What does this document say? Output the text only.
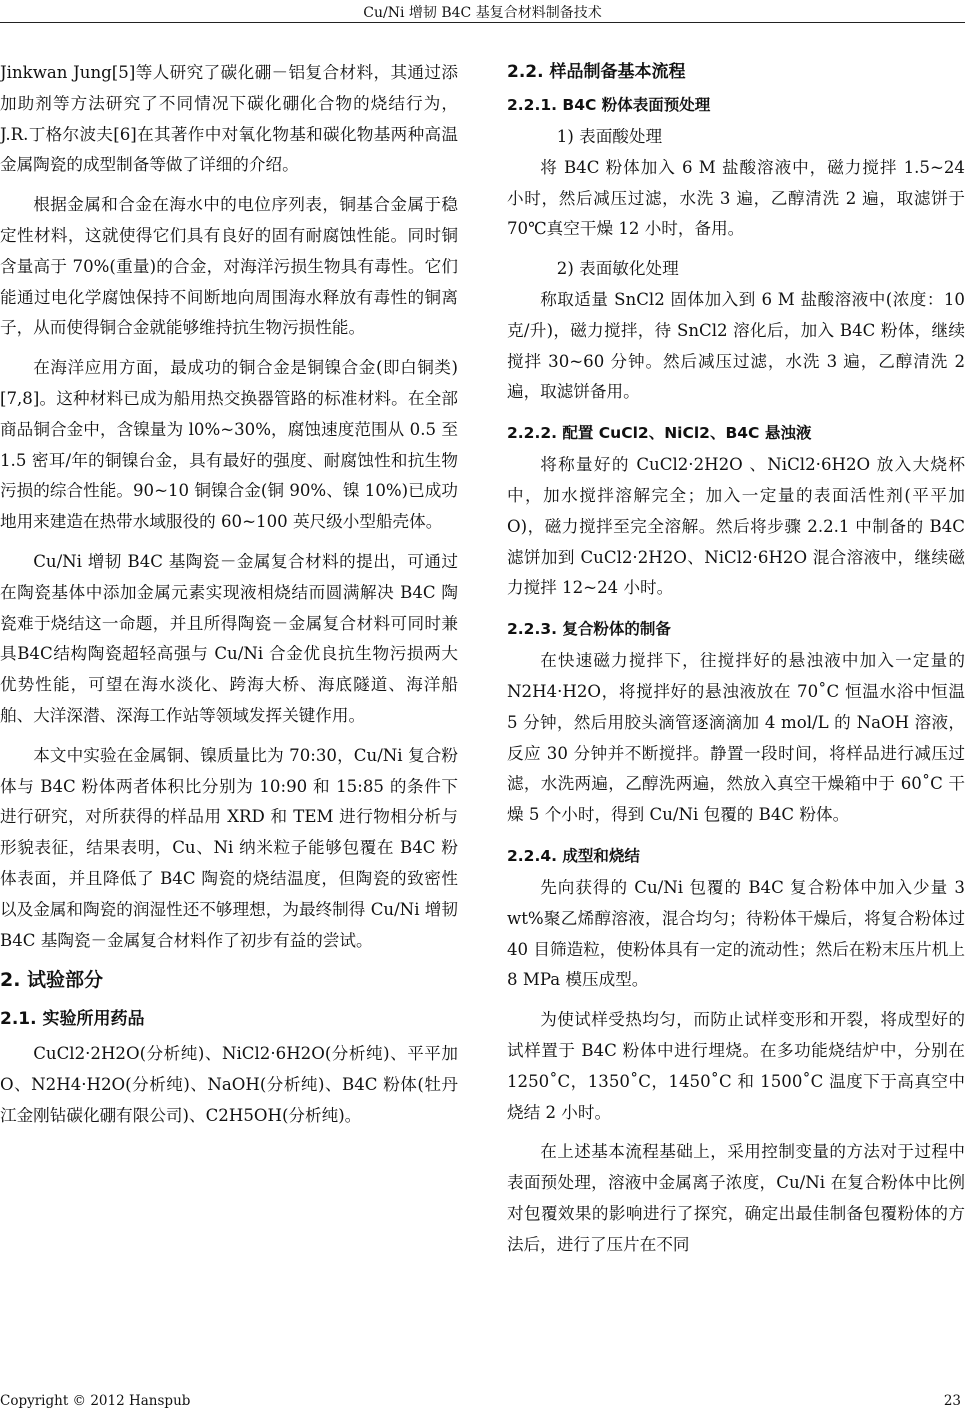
Cu/Ni 增韧 B4C 基复合材料制备技术

Jinkwan Jung[5]等人研究了碳化硼－铝复合材料，其通过添加助剂等方法研究了不同情况下碳化硼化合物的烧结行为，J.R.丁格尔波夫[6]在其著作中对氧化物基和碳化物基两种高温金属陶瓷的成型制备等做了详细的介绍。

根据金属和合金在海水中的电位序列表，铜基合金属于稳定性材料，这就使得它们具有良好的固有耐腐蚀性能。同时铜含量高于 70%(重量)的合金，对海洋污损生物具有毒性。它们能通过电化学腐蚀保持不间断地向周围海水释放有毒性的铜离子，从而使得铜合金就能够维持抗生物污损性能。

在海洋应用方面，最成功的铜合金是铜镍合金(即白铜类)[7,8]。这种材料已成为船用热交换器管路的标准材料。在全部商品铜合金中，含镍量为 l0%~30%，腐蚀速度范围从 0.5 至 1.5 密耳/年的铜镍台金，具有最好的强度、耐腐蚀性和抗生物污损的综合性能。90~10 铜镍合金(铜 90%、镍 10%)已成功地用来建造在热带水域服役的 60~100 英尺级小型船壳体。

Cu/Ni 增韧 B4C 基陶瓷－金属复合材料的提出，可通过在陶瓷基体中添加金属元素实现液相烧结而圆满解决 B4C 陶瓷难于烧结这一命题，并且所得陶瓷－金属复合材料可同时兼具B4C结构陶瓷超轻高强与 Cu/Ni 合金优良抗生物污损两大优势性能，可望在海水淡化、跨海大桥、海底隧道、海洋船舶、大洋深潜、深海工作站等领域发挥关键作用。

本文中实验在金属铜、镍质量比为 70:30，Cu/Ni 复合粉体与 B4C 粉体两者体积比分别为 10:90 和 15:85 的条件下进行研究，对所获得的样品用 XRD 和 TEM 进行物相分析与形貌表征，结果表明，Cu、Ni 纳米粒子能够包覆在 B4C 粉体表面，并且降低了 B4C 陶瓷的烧结温度，但陶瓷的致密性以及金属和陶瓷的润湿性还不够理想，为最终制得 Cu/Ni 增韧 B4C 基陶瓷－金属复合材料作了初步有益的尝试。

2. 试验部分
2.1. 实验所用药品

CuCl2·2H2O(分析纯)、NiCl2·6H2O(分析纯)、平平加 O、N2H4·H2O(分析纯)、NaOH(分析纯)、B4C 粉体(牡丹江金刚钻碳化硼有限公司)、C2H5OH(分析纯)。

2.2. 样品制备基本流程
2.2.1. B4C 粉体表面预处理

1) 表面酸处理

将 B4C 粉体加入 6 M 盐酸溶液中，磁力搅拌 1.5~24 小时，然后减压过滤，水洗 3 遍，乙醇清洗 2 遍，取滤饼于 70℃真空干燥 12 小时，备用。

2) 表面敏化处理

称取适量 SnCl2 固体加入到 6 M 盐酸溶液中(浓度：10 克/升)，磁力搅拌，待 SnCl2 溶化后，加入 B4C 粉体，继续搅拌 30~60 分钟。然后减压过滤，水洗 3 遍，乙醇清洗 2 遍，取滤饼备用。

2.2.2. 配置 CuCl2、NiCl2、B4C 悬浊液

将称量好的 CuCl2·2H2O 、NiCl2·6H2O 放入大烧杯中，加水搅拌溶解完全；加入一定量的表面活性剂(平平加 O)，磁力搅拌至完全溶解。然后将步骤 2.2.1 中制备的 B4C 滤饼加到 CuCl2·2H2O、NiCl2·6H2O 混合溶液中，继续磁力搅拌 12~24 小时。

2.2.3. 复合粉体的制备

在快速磁力搅拌下，往搅拌好的悬浊液中加入一定量的 N2H4·H2O，将搅拌好的悬浊液放在 70˚C 恒温水浴中恒温 5 分钟，然后用胶头滴管逐滴滴加 4 mol/L 的 NaOH 溶液，反应 30 分钟并不断搅拌。静置一段时间，将样品进行减压过滤，水洗两遍，乙醇洗两遍，然放入真空干燥箱中于 60˚C 干燥 5 个小时，得到 Cu/Ni 包覆的 B4C 粉体。

2.2.4. 成型和烧结

先向获得的 Cu/Ni 包覆的 B4C 复合粉体中加入少量 3 wt%聚乙烯醇溶液，混合均匀；待粉体干燥后，将复合粉体过 40 目筛造粒，使粉体具有一定的流动性；然后在粉末压片机上 8 MPa 模压成型。

为使试样受热均匀，而防止试样变形和开裂，将成型好的试样置于 B4C 粉体中进行埋烧。在多功能烧结炉中，分别在 1250˚C，1350˚C，1450˚C 和 1500˚C 温度下于高真空中烧结 2 小时。

在上述基本流程基础上，采用控制变量的方法对于过程中表面预处理，溶液中金属离子浓度，Cu/Ni 在复合粉体中比例对包覆效果的影响进行了探究，确定出最佳制备包覆粉体的方法后，进行了压片在不同

Copyright © 2012 Hanspub	23
